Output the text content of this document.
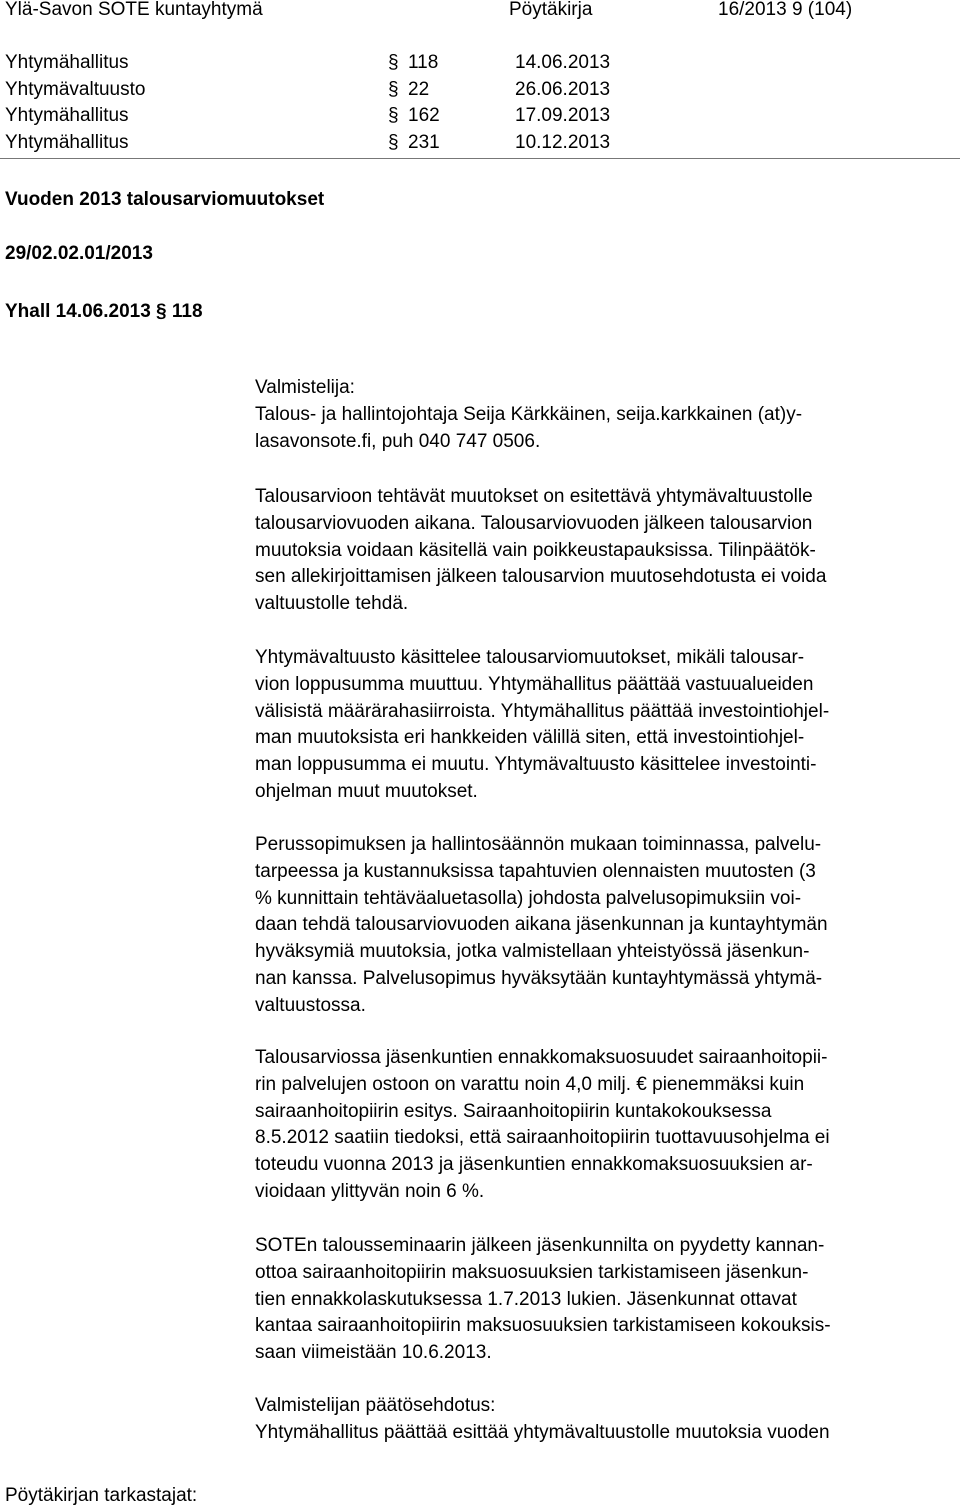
Ylä-Savon SOTE kuntayhtymä	Pöytäkirja	16/2013 9 (104)
Yhtymähallitus	§ 118	14.06.2013
Yhtymävaltuusto	§ 22	26.06.2013
Yhtymähallitus	§ 162	17.09.2013
Yhtymähallitus	§ 231	10.12.2013
Vuoden 2013 talousarviomuutokset
29/02.02.01/2013
Yhall 14.06.2013 § 118
Valmistelija:
Talous- ja hallintojohtaja Seija Kärkkäinen, seija.karkkainen (at)y-
lasavonsote.fi, puh 040 747 0506.
Talousarvioon tehtävät muutokset on esitettävä yhtymävaltuustolle
talousarviovuoden aikana. Talousarviovuoden jälkeen talousarvion
muutoksia voidaan käsitellä vain poikkeustapauksissa. Tilinpäätök-
sen allekirjoittamisen jälkeen talousarvion muutosehdotusta ei voida
valtuustolle tehdä.
Yhtymävaltuusto käsittelee talousarviomuutokset, mikäli talousar-
vion loppusumma muuttuu. Yhtymähallitus päättää vastuualueiden
välisistä määrärahasiirroista. Yhtymähallitus päättää investointiohjel-
man muutoksista eri hankkeiden välillä siten, että investointiohjel-
man loppusumma ei muutu. Yhtymävaltuusto käsittelee investointi-
ohjelman muut muutokset.
Perussopimuksen ja hallintosäännön mukaan toiminnassa, palvelu-
tarpeessa ja kustannuksissa tapahtuvien olennaisten muutosten (3
% kunnittain tehtäväaluetasolla) johdosta palvelusopimuksiin voi-
daan tehdä talousarviovuoden aikana jäsenkunnan ja kuntayhtymän
hyväksymiä muutoksia, jotka valmistellaan yhteistyössä jäsenkun-
nan kanssa. Palvelusopimus hyväksytään kuntayhtymässä yhtymä-
valtuustossa.
Talousarviossa jäsenkuntien ennakkomaksuosuudet sairaanhoitopii-
rin palvelujen ostoon on varattu noin 4,0 milj. € pienemmäksi kuin
sairaanhoitopiirin esitys. Sairaanhoitopiirin kuntakokouksessa
8.5.2012 saatiin tiedoksi, että sairaanhoitopiirin tuottavuusohjelma ei
toteudu vuonna 2013 ja jäsenkuntien ennakkomaksuosuuksien ar-
vioidaan ylittyvän noin 6 %.
SOTEn talousseminaarin jälkeen jäsenkunnilta on pyydetty kannan-
ottoa sairaanhoitopiirin maksuosuuksien tarkistamiseen jäsenkun-
tien ennakkolaskutuksessa 1.7.2013 lukien. Jäsenkunnat ottavat
kantaa sairaanhoitopiirin maksuosuuksien tarkistamiseen kokouksis-
saan viimeistään 10.6.2013.
Valmistelijan päätösehdotus:
Yhtymähallitus päättää esittää yhtymävaltuustolle muutoksia vuoden
Pöytäkirjan tarkastajat:
